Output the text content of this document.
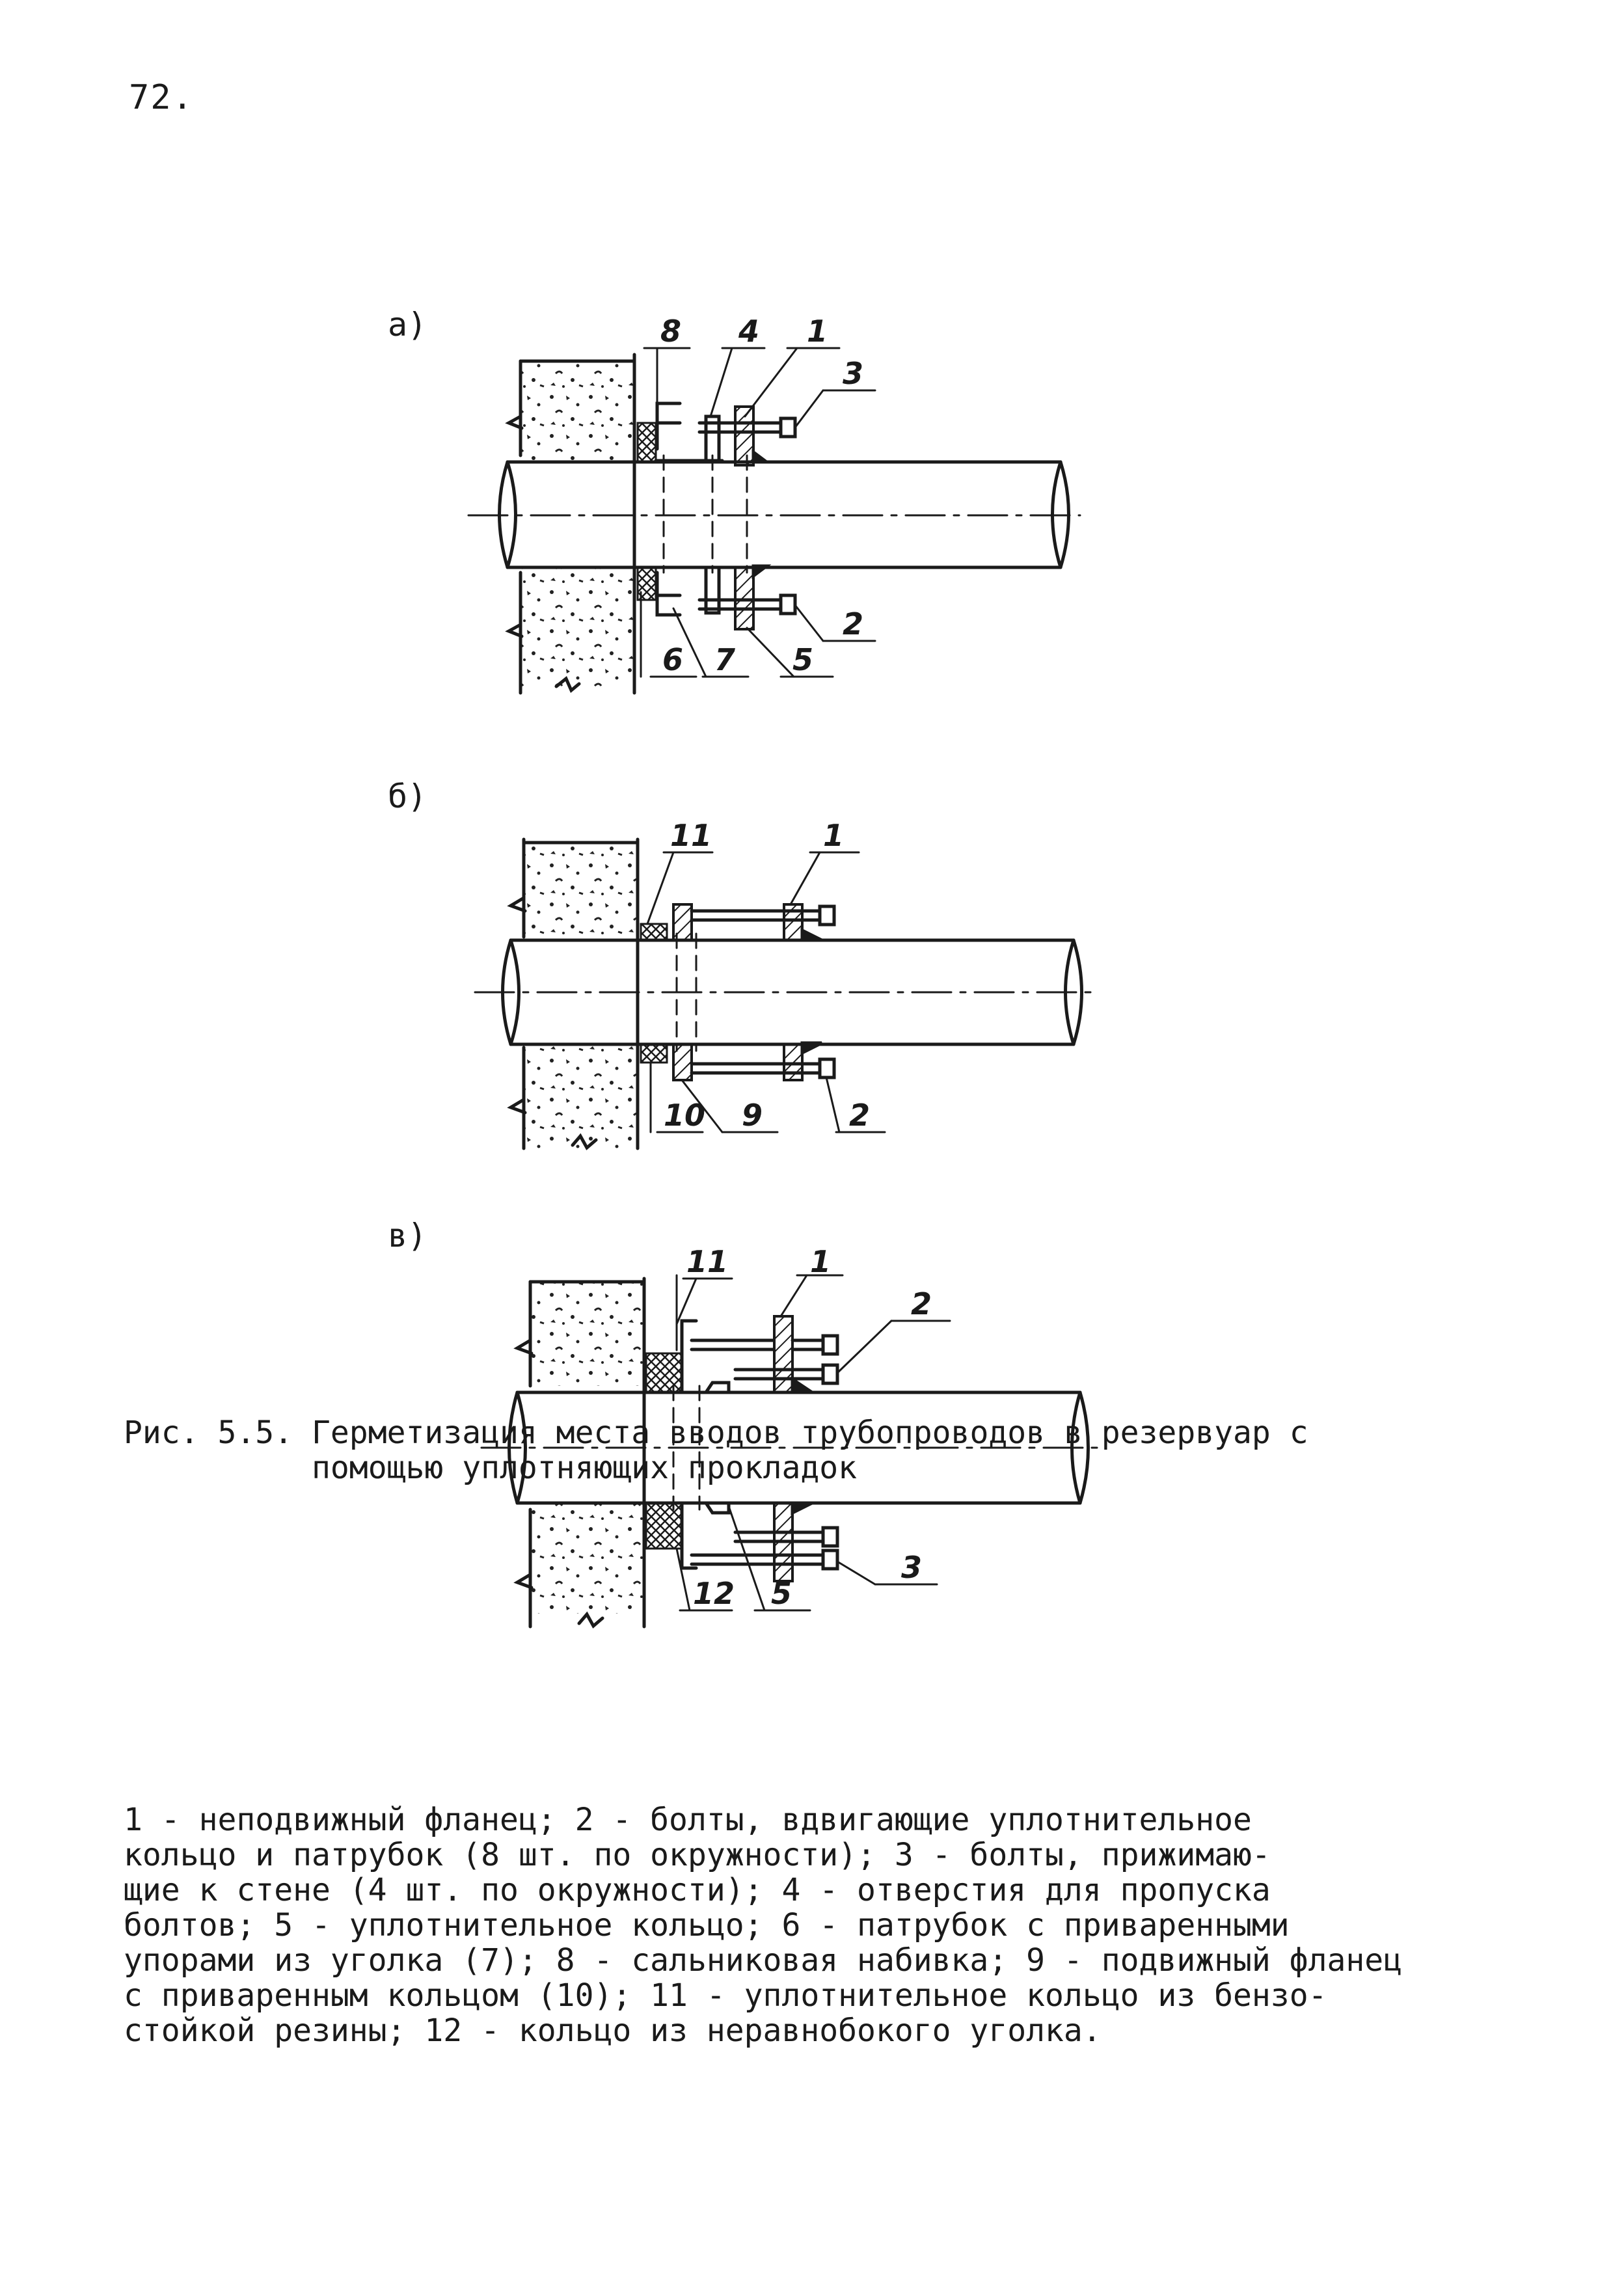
72.
а)
б)
в)
8 4 1
3
2
6 7 5
11	1
10 9	2
11	1
2
12 5
3
Рис. 5.5.
Герметизация места вводов трубопроводов в резервуар с
помощью уплотняющих прокладок
1 - неподвижный фланец; 2 - болты, вдвигающие уплотнительное
кольцо и патрубок (8 шт. по окружности); 3 - болты, прижимаю-
щие к стене (4 шт. по окружности); 4 - отверстия для пропуска
болтов; 5 - уплотнительное кольцо; 6 - патрубок с приваренными
упорами из уголка (7); 8 - сальниковая набивка; 9 - подвижный фланец
с приваренным кольцом (10); 11 - уплотнительное кольцо из бензо-
стойкой резины; 12 - кольцо из неравнобокого уголка.
